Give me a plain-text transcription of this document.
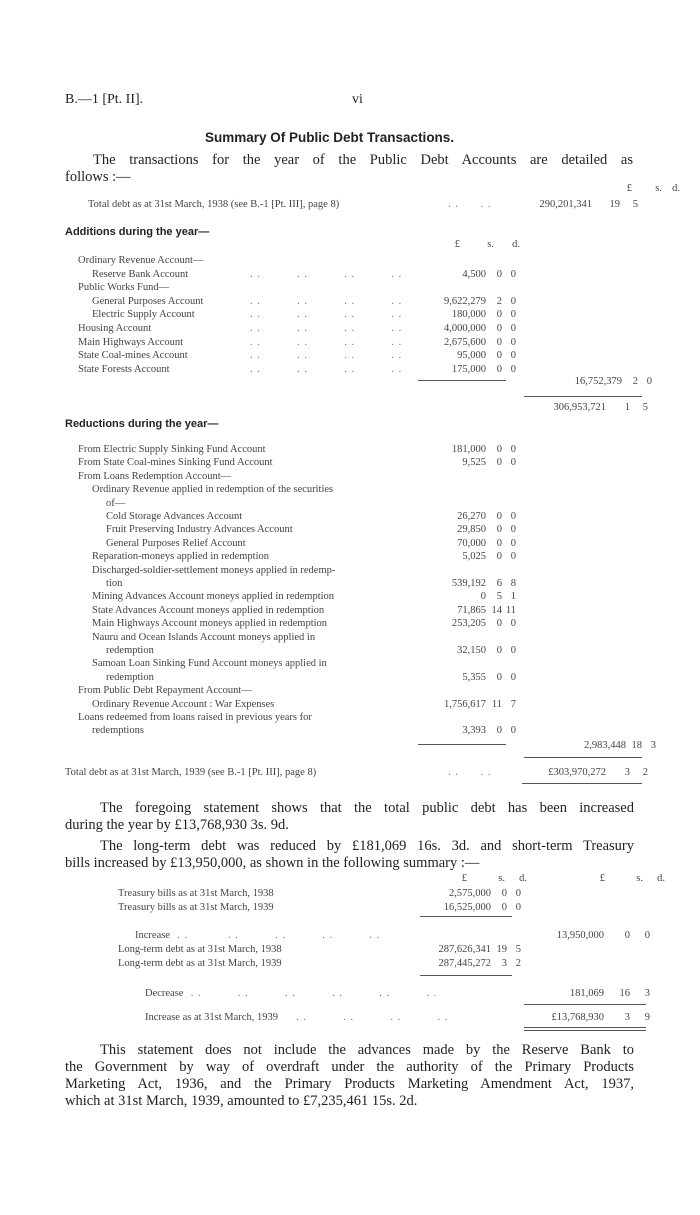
B.—1 [Pt. II].	vi
Summary Of Public Debt Transactions.
The transactions for the year of the Public Debt Accounts are detailed as
follows :—
£ s. d.
Total debt as at 31st March, 1938 (see B.-1 [Pt. III], page 8)	. .      . .	290,201,341 19 5
Additions during the year—
£	s. d.
Ordinary Revenue Account—
Reserve Bank Account	. .          . .          . .          . .	4,500 0 0
Public Works Fund—
General Purposes Account	. .          . .          . .          . .	9,622,279 2 0
Electric Supply Account	. .          . .          . .          . .	180,000 0 0
Housing Account	. .          . .          . .          . .	4,000,000 0 0
Main Highways Account	. .          . .          . .          . .	2,675,600 0 0
State Coal-mines Account	. .          . .          . .          . .	95,000 0 0
State Forests Account	. .          . .          . .          . .	175,000 0 0
16,752,379 2 0
306,953,721 1 5
Reductions during the year—
From Electric Supply Sinking Fund Account	181,000 0 0
From State Coal-mines Sinking Fund Account	9,525 0 0
From Loans Redemption Account—
Ordinary Revenue applied in redemption of the securities
of—
Cold Storage Advances Account	26,270 0 0
Fruit Preserving Industry Advances Account	29,850 0 0
General Purposes Relief Account	70,000 0 0
Reparation-moneys applied in redemption	5,025 0 0
Discharged-soldier-settlement moneys applied in redemp-
tion	539,192 6 8
Mining Advances Account moneys applied in redemption	0 5 1
State Advances Account moneys applied in redemption	71,865 14 11
Main Highways Account moneys applied in redemption	253,205 0 0
Nauru and Ocean Islands Account moneys applied in
redemption	32,150 0 0
Samoan Loan Sinking Fund Account moneys applied in
redemption	5,355 0 0
From Public Debt Repayment Account—
Ordinary Revenue Account : War Expenses	1,756,617 11 7
Loans redeemed from loans raised in previous years for
redemptions	3,393 0 0
2,983,448 18 3
Total debt as at 31st March, 1939 (see B.-1 [Pt. III], page 8)	. .      . .	£303,970,272 3 2
The foregoing statement shows that the total public debt has been increased
during the year by £13,768,930 3s. 9d.
The long-term debt was reduced by £181,069 16s. 3d. and short-term Treasury
bills increased by £13,950,000, as shown in the following summary :—
£	s. d.	£	s. d.
Treasury bills as at 31st March, 1938	2,575,000 0 0
Treasury bills as at 31st March, 1939	16,525,000 0 0
Increase  . .           . .          . .          . .          . .	13,950,000 0 0
Long-term debt as at 31st March, 1938	287,626,341 19 5
Long-term debt as at 31st March, 1939	287,445,272 3 2
Decrease  . .          . .          . .          . .          . .          . .	181,069 16 3
Increase as at 31st March, 1939     . .          . .          . .          . .	£13,768,930 3 9
This statement does not include the advances made by the Reserve Bank to
the Government by way of overdraft under the authority of the Primary Products
Marketing Act, 1936, and the Primary Products Marketing Amendment Act, 1937,
which at 31st March, 1939, amounted to £7,235,461 15s. 2d.
